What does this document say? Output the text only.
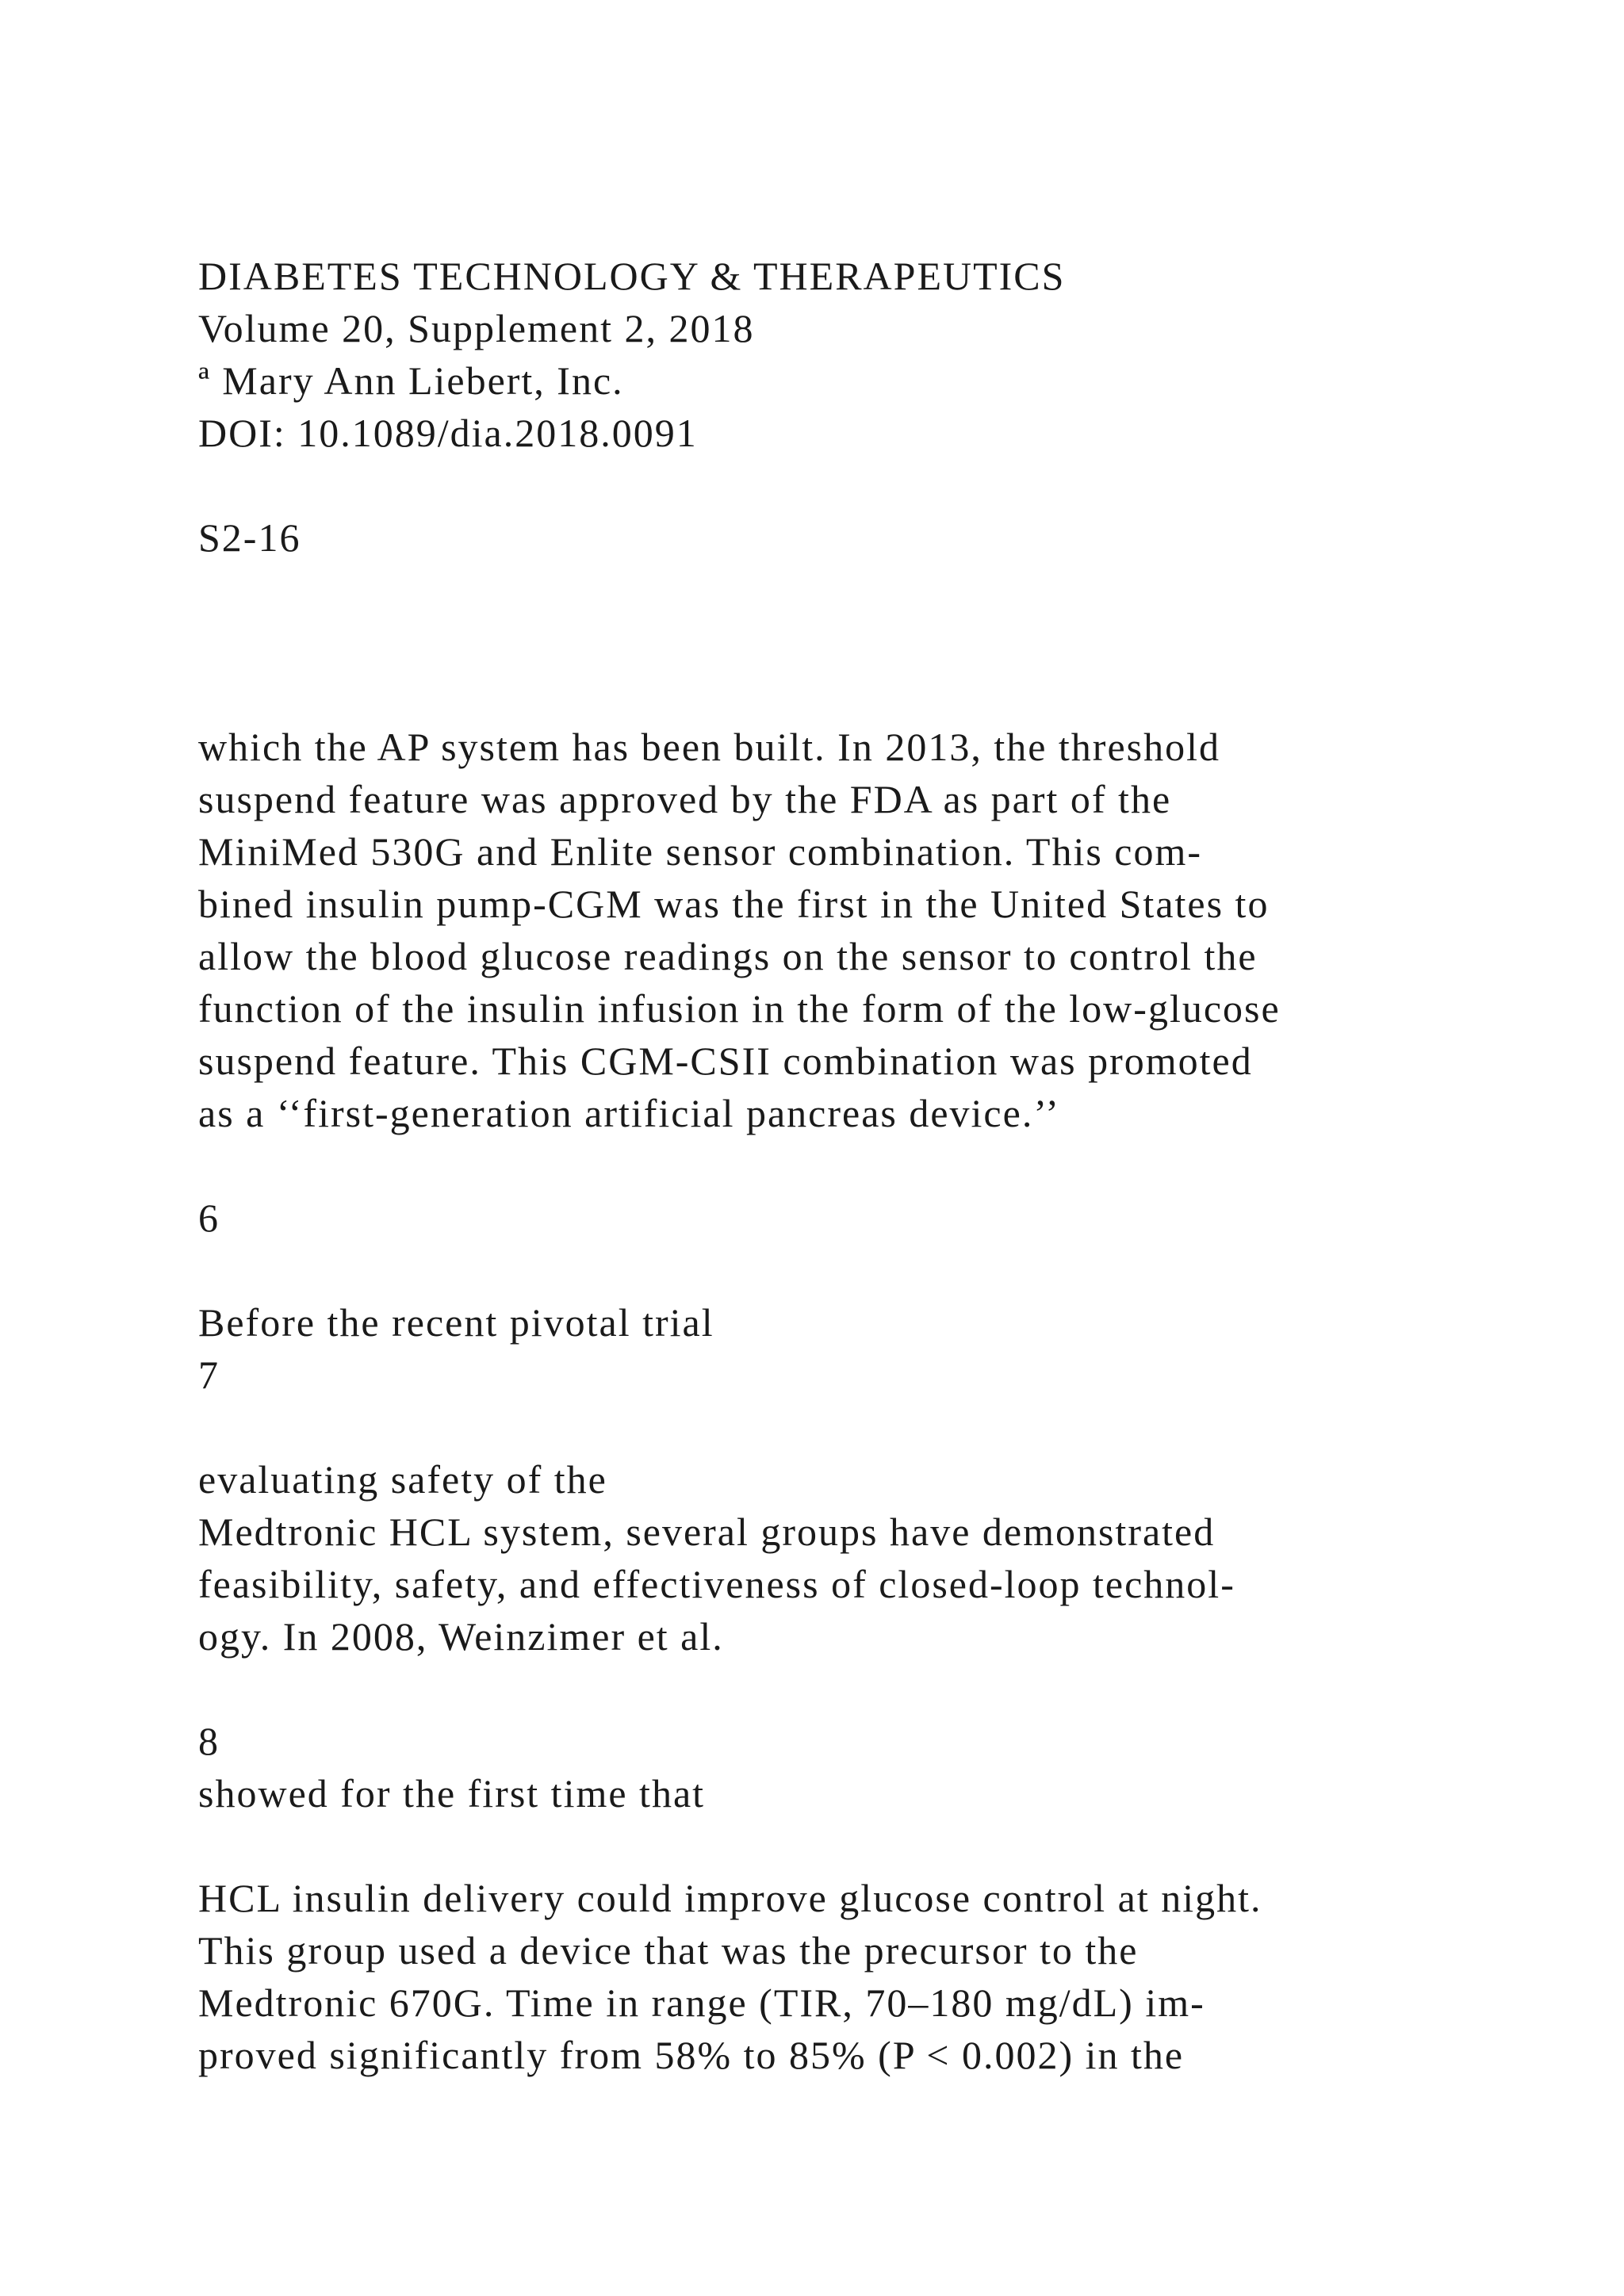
DIABETES TECHNOLOGY & THERAPEUTICS
Volume 20, Supplement 2, 2018
ª Mary Ann Liebert, Inc.
DOI: 10.1089/dia.2018.0091
S2-16
which the AP system has been built. In 2013, the threshold
suspend feature was approved by the FDA as part of the
MiniMed 530G and Enlite sensor combination. This com-
bined insulin pump-CGM was the first in the United States to
allow the blood glucose readings on the sensor to control the
function of the insulin infusion in the form of the low-glucose
suspend feature. This CGM-CSII combination was promoted
as a ‘‘first-generation artificial pancreas device.’’
6
Before the recent pivotal trial
7
evaluating safety of the
Medtronic HCL system, several groups have demonstrated
feasibility, safety, and effectiveness of closed-loop technol-
ogy. In 2008, Weinzimer et al.
8
showed for the first time that
HCL insulin delivery could improve glucose control at night.
This group used a device that was the precursor to the
Medtronic 670G. Time in range (TIR, 70–180 mg/dL) im-
proved significantly from 58% to 85% (P < 0.002) in the
